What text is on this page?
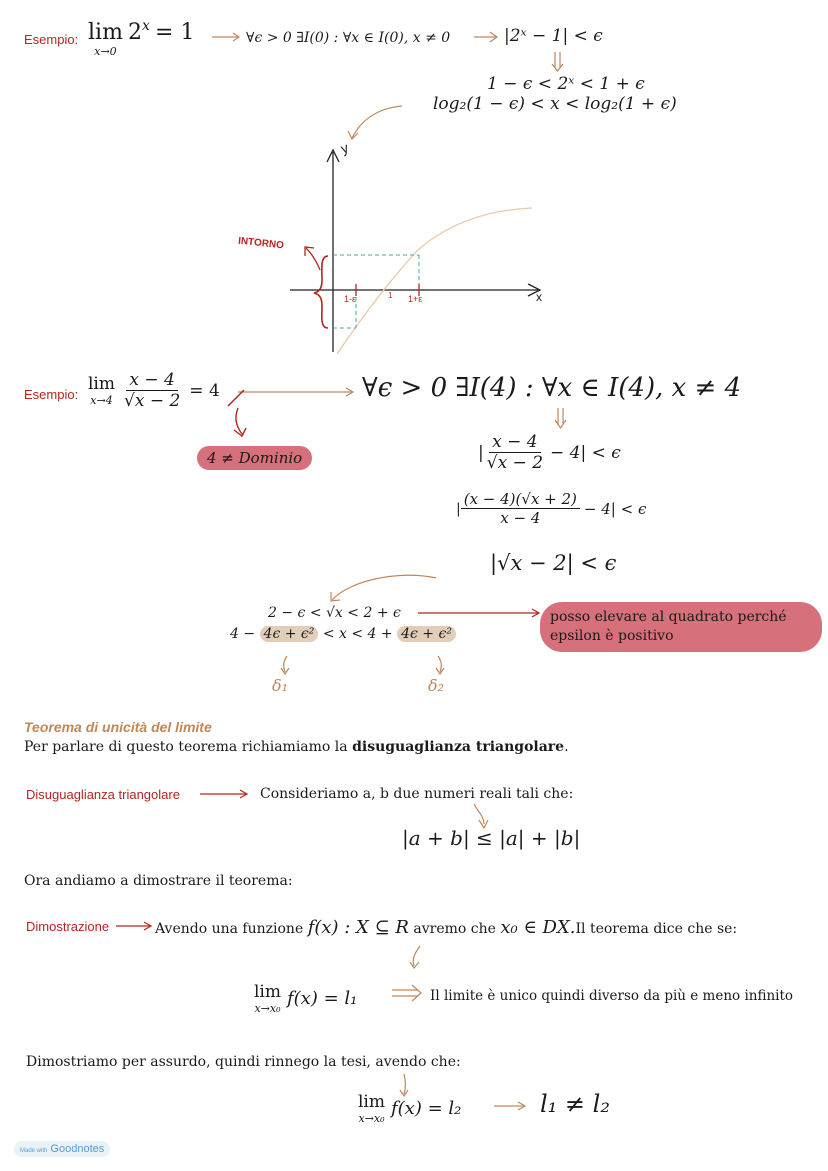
Esempio: lim
x→0
$2^x = 1$	∀ϵ > 0 ∃I(0) : ∀x ∈ I(0), x ≠ 0	|2ˣ − 1| < ϵ
1 − ϵ < 2ˣ < 1 + ϵ
log₂(1 − ϵ) < x < log₂(1 + ϵ)
y
x
INTORNO
1-ε	1 1+ε
Esempio:
lim
$x\to 4 \frac{x - 4}{√x - 2} = 4$	∀ϵ > 0 ∃I(4) : ∀x ∈ I(4), x ≠ 4
4 ≠ Dominio	| $\frac{x - 4}{√x - 2} - 4| < \epsilon$
| $\frac{(x - 4)(√x + 2)}{x - 4} - 4| < \epsilon$
|√x − 2| < ϵ
2 − ϵ < √x < 2 + ϵ
4 − 4ϵ + ϵ² < x < 4 + 4ϵ + ϵ²
posso elevare al quadrato perché epsilon è positivo
δ₁	δ₂
Teorema di unicità del limite
Per parlare di questo teorema richiamiamo la disuguaglianza triangolare.
Disuguaglianza triangolare	Consideriamo a, b due numeri reali tali che:
|a + b| ≤ |a| + |b|
Ora andiamo a dimostrare il teorema:
Dimostrazione	Avendo una funzione f(x) : X ⊆ R avremo che x₀ ∈ DX.Il teorema dice che se:
lim
x→x₀ f(x) = l₁	Il limite è unico quindi diverso da più e meno infinito
Dimostriamo per assurdo, quindi rinnego la tesi, avendo che:
lim
x→x₀ f(x) = l₂	l₁ ≠ l₂
Made with Goodnotes
